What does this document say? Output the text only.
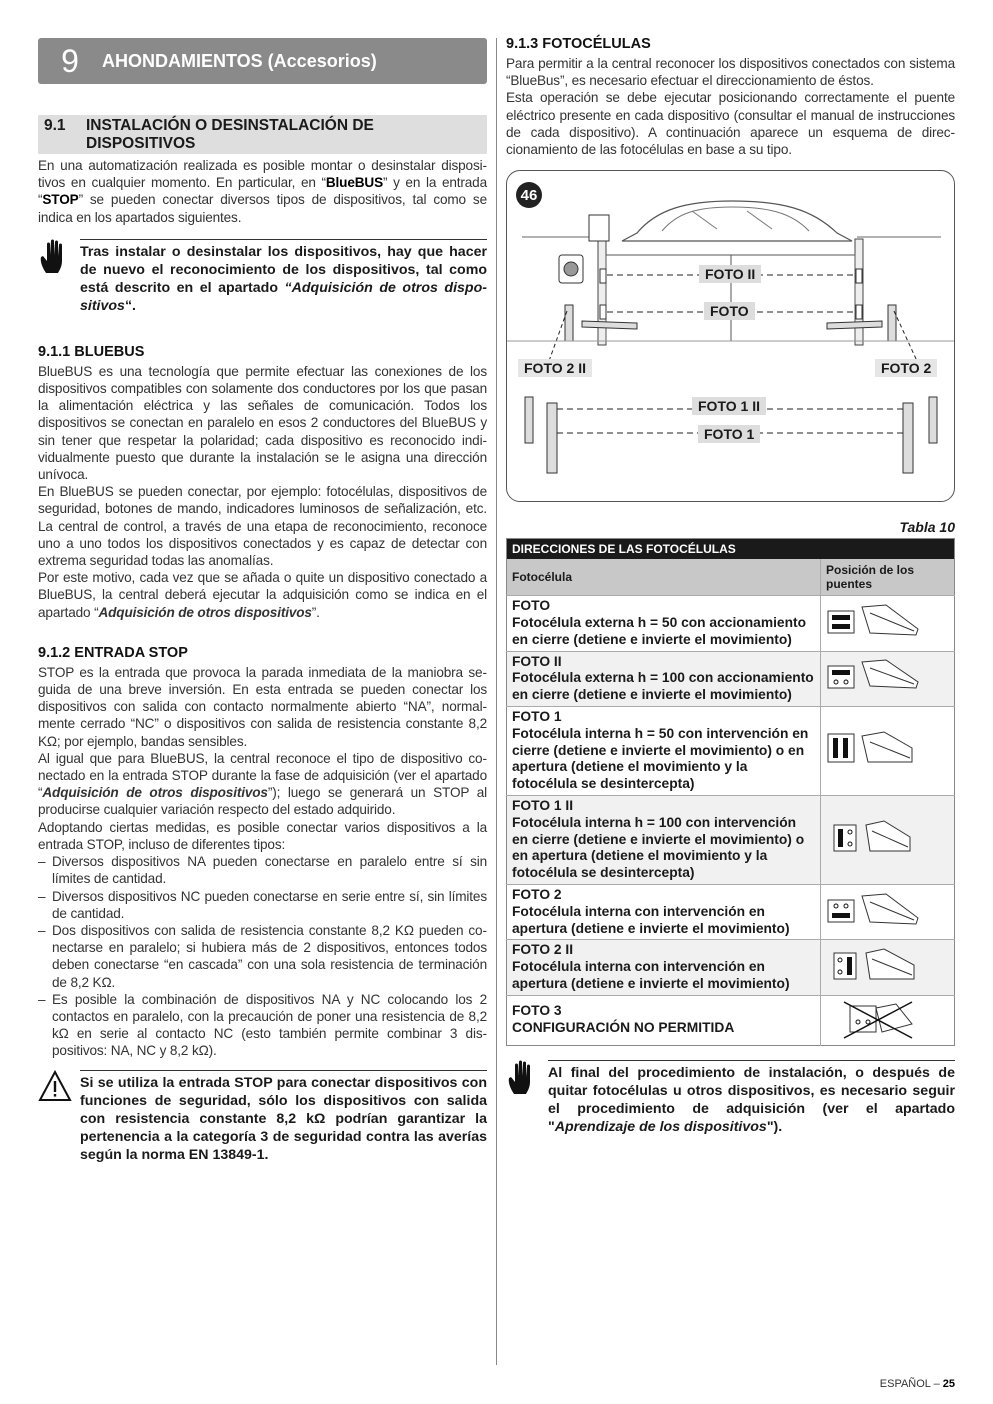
9	AHONDAMIENTOS (Accesorios)
9.1	INSTALACIÓN O DESINSTALACIÓN DE DISPOSITIVOS

En una automatización realizada es posible montar o desinstalar dispositivos en cualquier momento. En particular, en “BlueBUS” y en la entrada “STOP” se pueden conectar diversos tipos de dispositivos, tal como se indica en los apartados siguientes.

Tras instalar o desinstalar los dispositivos, hay que hacer de nuevo el reconocimiento de los dispositivos, tal como está descrito en el apartado “Adquisición de otros dispositivos“.
9.1.1 BLUEBUS

BlueBUS es una tecnología que permite efectuar las conexiones de los dispositivos compatibles con solamente dos conductores por los que pasan la alimentación eléctrica y las señales de comunicación. Todos los dispositivos se conectan en paralelo en esos 2 conductores del BlueBUS y sin tener que respetar la polaridad; cada dispositivo es reconocido individualmente puesto que durante la instalación se le asigna una dirección unívoca.

En BlueBUS se pueden conectar, por ejemplo: fotocélulas, dispositivos de seguridad, botones de mando, indicadores luminosos de señalización, etc. La central de control, a través de una etapa de reconocimiento, reconoce uno a uno todos los dispositivos conectados y es capaz de detectar con extrema seguridad todas las anomalías.

Por este motivo, cada vez que se añada o quite un dispositivo conectado a BlueBUS, la central deberá ejecutar la adquisición como se indica en el apartado “Adquisición de otros dispositivos”.

9.1.2 ENTRADA STOP

STOP es la entrada que provoca la parada inmediata de la maniobra seguida de una breve inversión. En esta entrada se pueden conectar los dispositivos con salida con contacto normalmente abierto “NA”, normalmente cerrado “NC” o dispositivos con salida de resistencia constante 8,2 KΩ; por ejemplo, bandas sensibles.

Al igual que para BlueBUS, la central reconoce el tipo de dispositivo conectado en la entrada STOP durante la fase de adquisición (ver el apartado “Adquisición de otros dispositivos”); luego se generará un STOP al producirse cualquier variación respecto del estado adquirido.

Adoptando ciertas medidas, es posible conectar varios dispositivos a la entrada STOP, incluso de diferentes tipos:

– Diversos dispositivos NA pueden conectarse en paralelo entre sí sin límites de cantidad.
– Diversos dispositivos NC pueden conectarse en serie entre sí, sin límites de cantidad.
– Dos dispositivos con salida de resistencia constante 8,2 KΩ pueden conectarse en paralelo; si hubiera más de 2 dispositivos, entonces todos deben conectarse “en cascada” con una sola resistencia de terminación de 8,2 KΩ.
– Es posible la combinación de dispositivos NA y NC colocando los 2 contactos en paralelo, con la precaución de poner una resistencia de 8,2 kΩ en serie al contacto NC (esto también permite combinar 3 dispositivos: NA, NC y 8,2 kΩ).
Si se utiliza la entrada STOP para conectar dispositivos con funciones de seguridad, sólo los dispositivos con salida con resistencia constante 8,2 kΩ podrían garantizar la pertenencia a la categoría 3 de seguridad contra las averías según la norma EN 13849-1.
9.1.3 FOTOCÉLULAS

Para permitir a la central reconocer los dispositivos conectados con sistema “BlueBus”, es necesario efectuar el direccionamiento de éstos.

Esta operación se debe ejecutar posicionando correctamente el puente eléctrico presente en cada dispositivo (consultar el manual de instrucciones de cada dispositivo). A continuación aparece un esquema de direccionamiento de las fotocélulas en base a su tipo.

46
FOTO II
FOTO
FOTO 2 II	FOTO 2
FOTO 1 II
FOTO 1
Tabla 10
DIRECCIONES DE LAS FOTOCÉLULAS	
Fotocélula	Posición de los puentes

FOTO
Fotocélula externa h = 50 con accionamiento en cierre (detiene e invierte el movimiento)

FOTO II
Fotocélula externa h = 100 con accionamiento en cierre (detiene e invierte el movimiento)

FOTO 1
Fotocélula interna h = 50 con intervención en cierre (detiene e invierte el movimiento) o en apertura (detiene el movimiento y la fotocélula se desintercepta)

FOTO 1 II
Fotocélula interna h = 100 con intervención en cierre (detiene e invierte el movimiento) o en apertura (detiene el movimiento y la fotocélula se desintercepta)

FOTO 2
Fotocélula interna con intervención en apertura (detiene e invierte el movimiento)

FOTO 2 II
Fotocélula interna con intervención en apertura (detiene e invierte el movimiento)

FOTO 3
CONFIGURACIÓN NO PERMITIDA

Al final del procedimiento de instalación, o después de quitar fotocélulas u otros dispositivos, es necesario seguir el procedimiento de adquisición (ver el apartado "Aprendizaje de los dispositivos").
ESPAÑOL – 25
